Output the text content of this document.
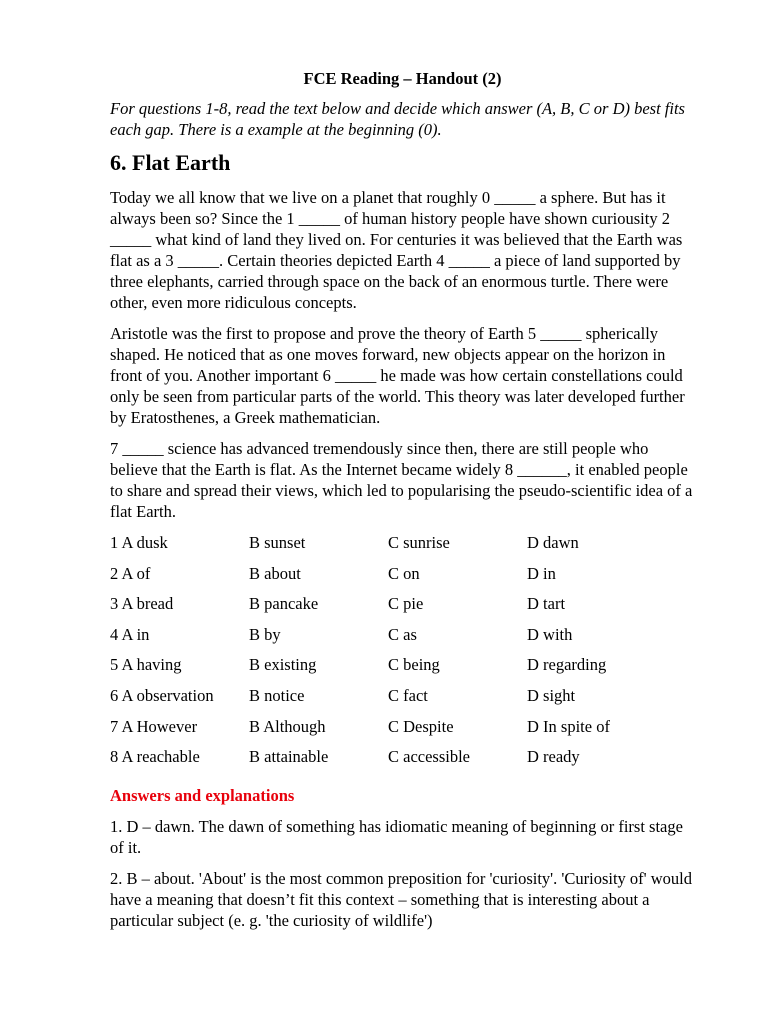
FCE Reading – Handout (2)

For questions 1-8, read the text below and decide which answer (A, B, C or D) best fits each gap. There is a example at the beginning (0).

6. Flat Earth

Today we all know that we live on a planet that roughly 0 _____ a sphere. But has it always been so? Since the 1 _____ of human history people have shown curiousity 2 _____ what kind of land they lived on. For centuries it was believed that the Earth was flat as a 3 _____. Certain theories depicted Earth 4 _____ a piece of land supported by three elephants, carried through space on the back of an enormous turtle. There were other, even more ridiculous concepts.

Aristotle was the first to propose and prove the theory of Earth 5 _____ spherically shaped. He noticed that as one moves forward, new objects appear on the horizon in front of you. Another important 6 _____ he made was how certain constellations could only be seen from particular parts of the world. This theory was later developed further by Eratosthenes, a Greek mathematician.

7 _____ science has advanced tremendously since then, there are still people who believe that the Earth is flat. As the Internet became widely 8 ______, it enabled people to share and spread their views, which led to popularising the pseudo-scientific idea of a flat Earth.

1 A dusk	B sunset	C sunrise	D dawn
2 A of	B about	C on	D in
3 A bread	B pancake	C pie	D tart
4 A in	B by	C as	D with
5 A having	B existing	C being	D regarding
6 A observation	B notice	C fact	D sight
7 A However	B Although	C Despite	D In spite of
8 A reachable	B attainable	C accessible	D ready
Answers and explanations

1. D – dawn. The dawn of something has idiomatic meaning of beginning or first stage of it.

2. B – about. 'About' is the most common preposition for 'curiosity'. 'Curiosity of' would have a meaning that doesn’t fit this context – something that is interesting about a particular subject (e. g. 'the curiosity of wildlife')
